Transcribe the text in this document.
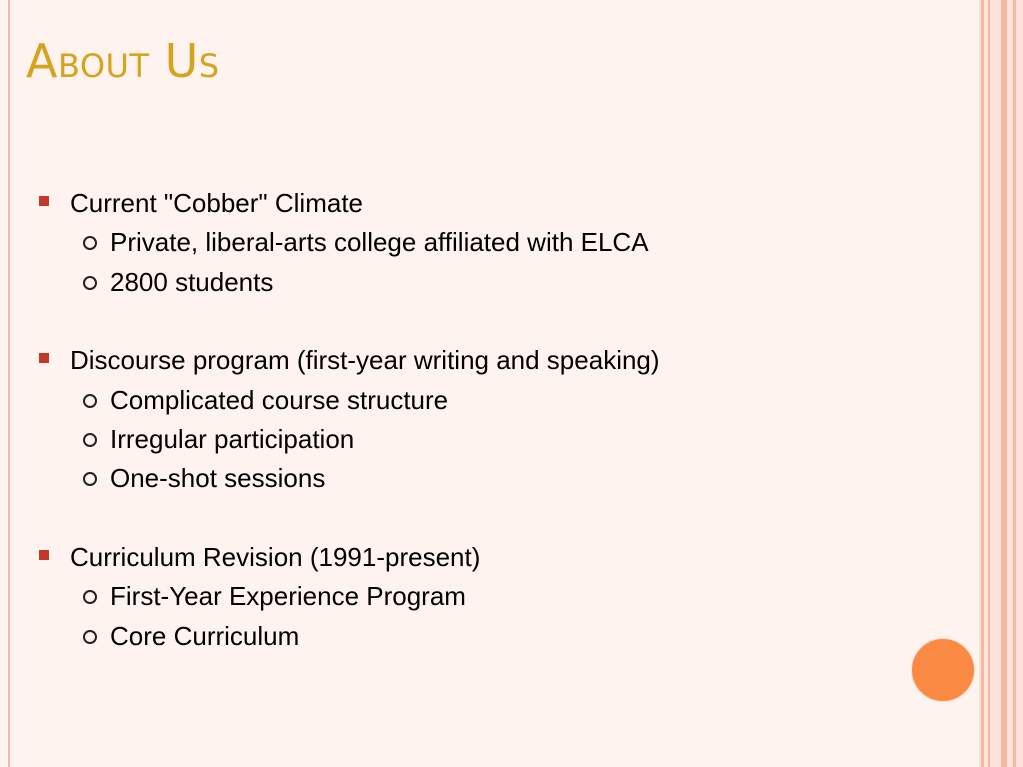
About Us
Current "Cobber" Climate
Private, liberal-arts college affiliated with ELCA
2800 students
Discourse program (first-year writing and speaking)
Complicated course structure
Irregular participation
One-shot sessions
Curriculum Revision (1991-present)
First-Year Experience Program
Core Curriculum
